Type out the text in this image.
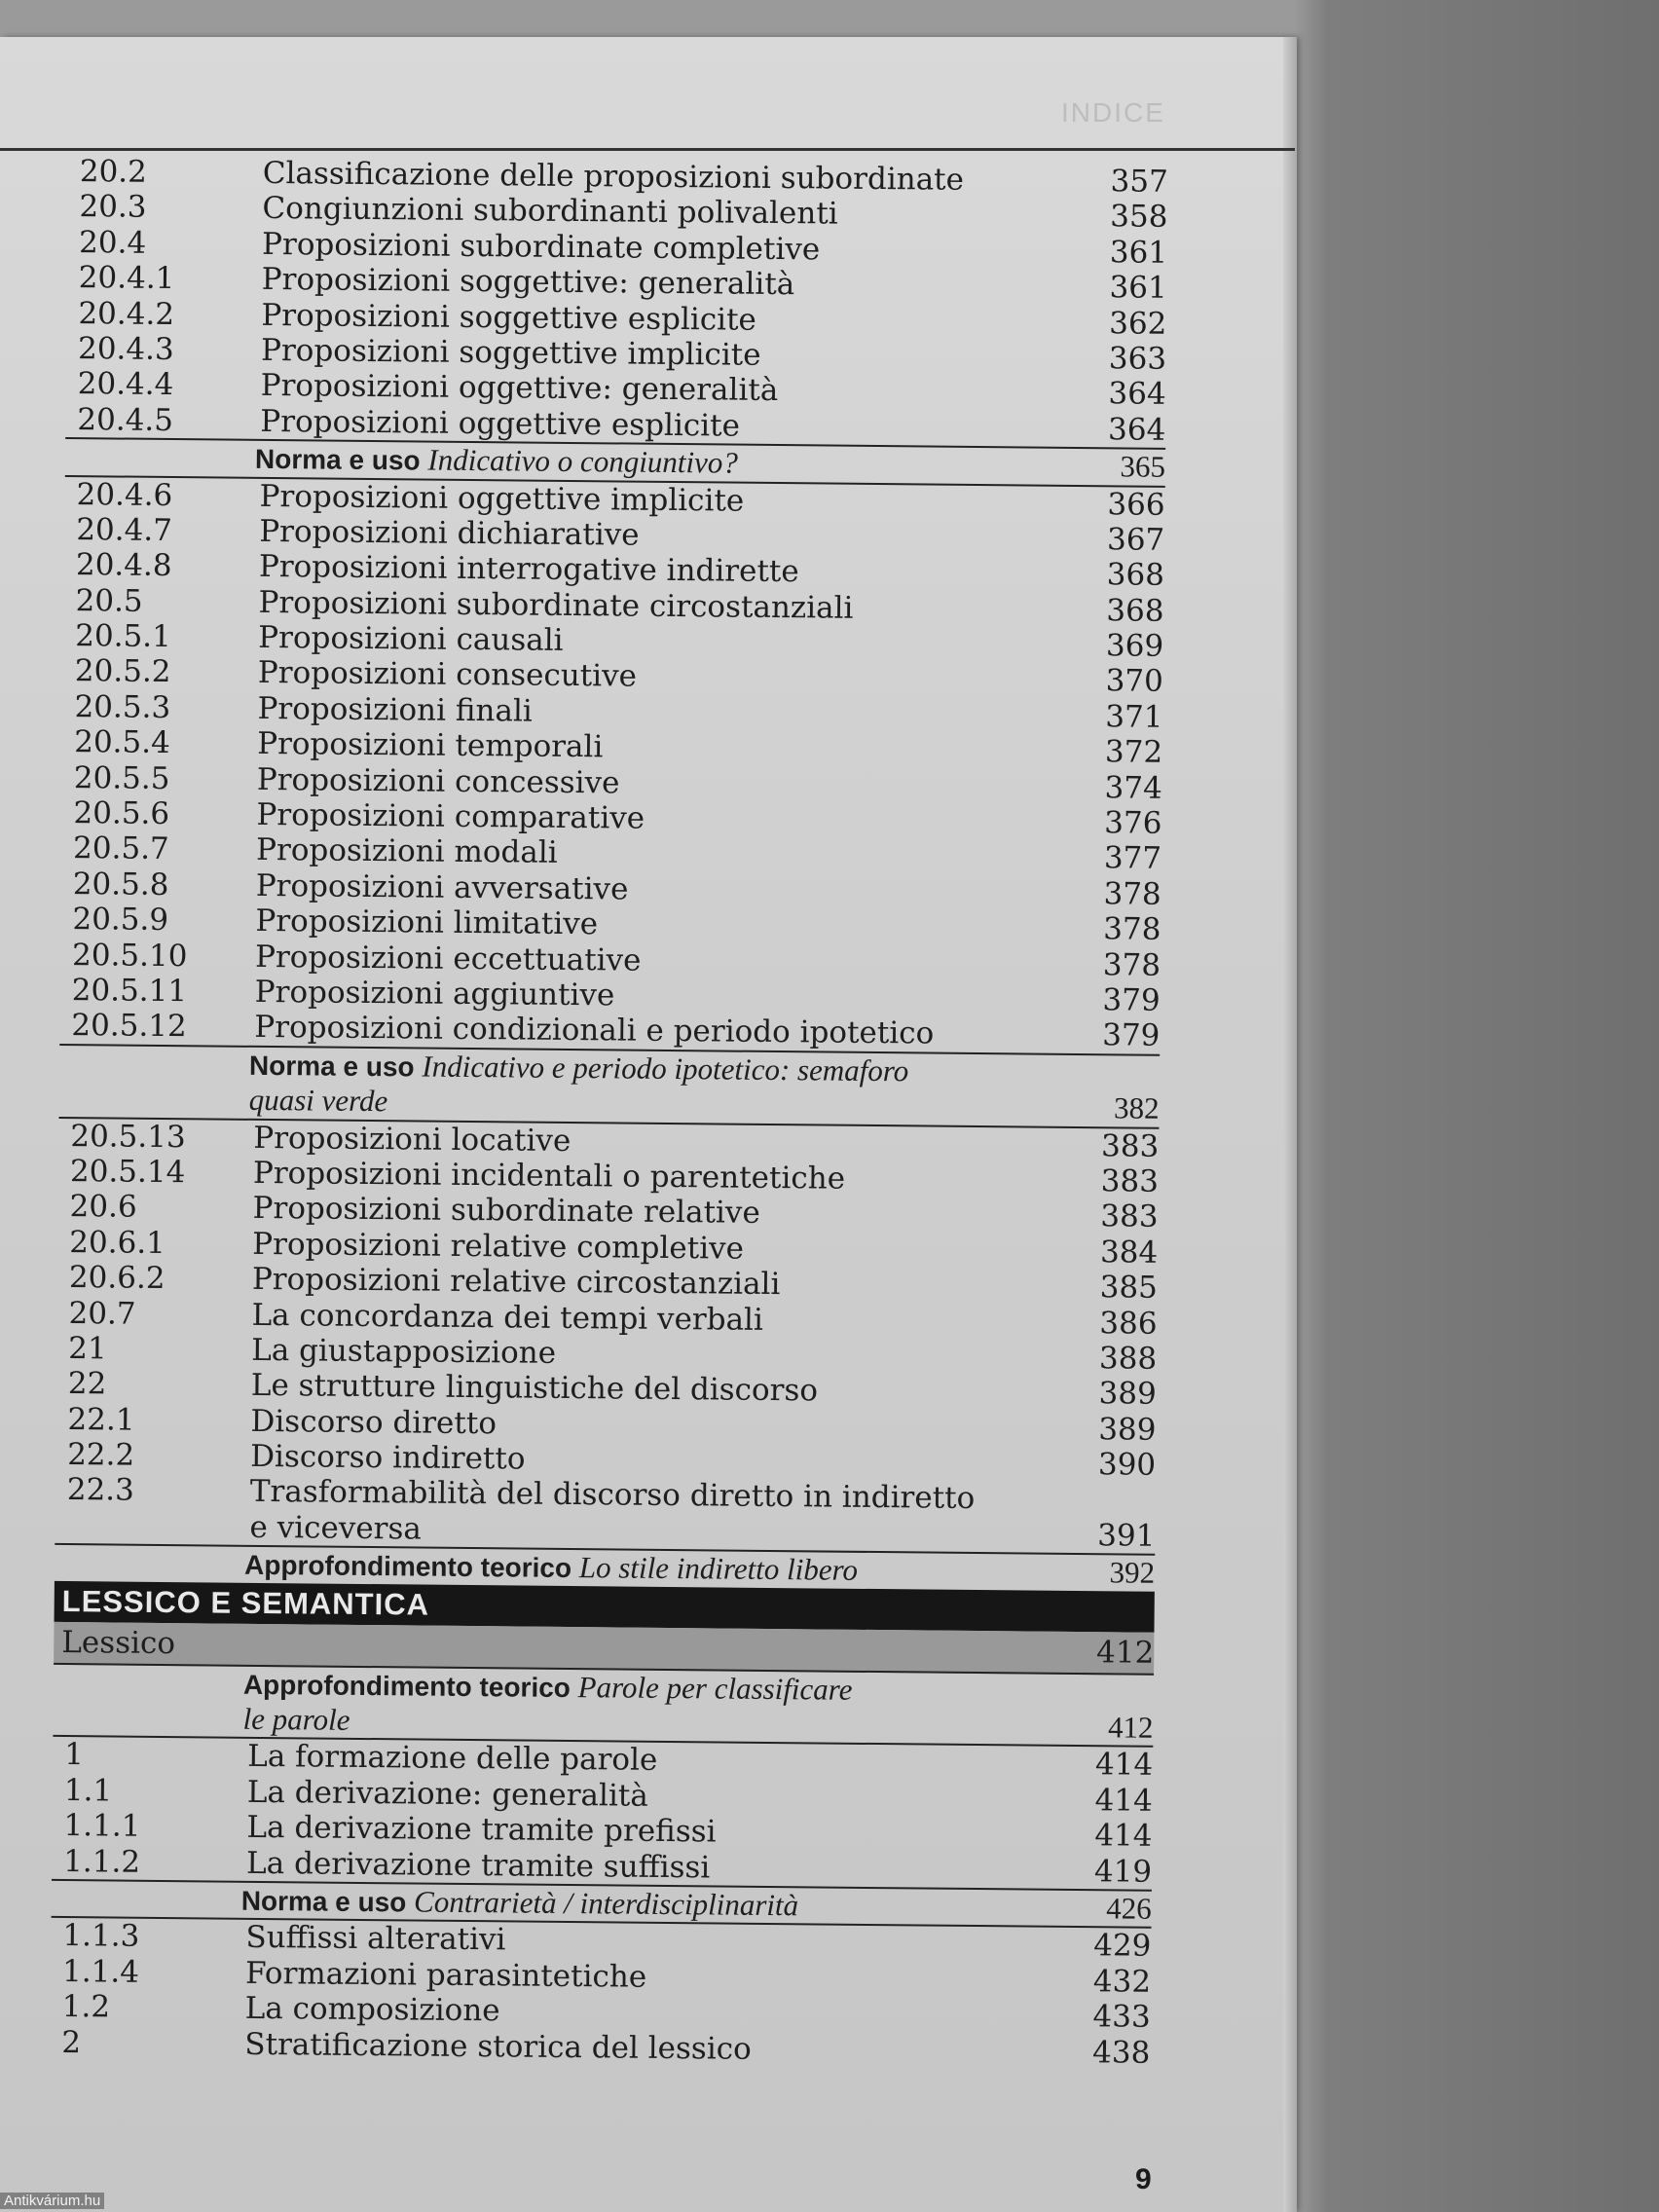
INDICE
20.2	Classificazione delle proposizioni subordinate	357
20.3	Congiunzioni subordinanti polivalenti	358
20.4	Proposizioni subordinate completive	361
20.4.1	Proposizioni soggettive: generalità	361
20.4.2	Proposizioni soggettive esplicite	362
20.4.3	Proposizioni soggettive implicite	363
20.4.4	Proposizioni oggettive: generalità	364
20.4.5	Proposizioni oggettive esplicite	364
Norma e uso Indicativo o congiuntivo?	365
20.4.6	Proposizioni oggettive implicite	366
20.4.7	Proposizioni dichiarative	367
20.4.8	Proposizioni interrogative indirette	368
20.5	Proposizioni subordinate circostanziali	368
20.5.1	Proposizioni causali	369
20.5.2	Proposizioni consecutive	370
20.5.3	Proposizioni finali	371
20.5.4	Proposizioni temporali	372
20.5.5	Proposizioni concessive	374
20.5.6	Proposizioni comparative	376
20.5.7	Proposizioni modali	377
20.5.8	Proposizioni avversative	378
20.5.9	Proposizioni limitative	378
20.5.10 Proposizioni eccettuative	378
20.5.11 Proposizioni aggiuntive	379
20.5.12 Proposizioni condizionali e periodo ipotetico	379
Norma e uso Indicativo e periodo ipotetico: semaforo
quasi verde	382
20.5.13 Proposizioni locative	383
20.5.14 Proposizioni incidentali o parentetiche	383
20.6	Proposizioni subordinate relative	383
20.6.1	Proposizioni relative completive	384
20.6.2	Proposizioni relative circostanziali	385
20.7	La concordanza dei tempi verbali	386
21	La giustapposizione	388
22	Le strutture linguistiche del discorso	389
22.1	Discorso diretto	389
22.2	Discorso indiretto	390
22.3	Trasformabilità del discorso diretto in indiretto
e viceversa	391
Approfondimento teorico Lo stile indiretto libero	392
LESSICO E SEMANTICA
Lessico	412
Approfondimento teorico Parole per classificare
le parole	412
1	La formazione delle parole	414
1.1	La derivazione: generalità	414
1.1.1	La derivazione tramite prefissi	414
1.1.2	La derivazione tramite suffissi	419
Norma e uso Contrarietà / interdisciplinarità	426
1.1.3	Suffissi alterativi	429
1.1.4	Formazioni parasintetiche	432
1.2	La composizione	433
2	Stratificazione storica del lessico	438
9
Antikvárium.hu
